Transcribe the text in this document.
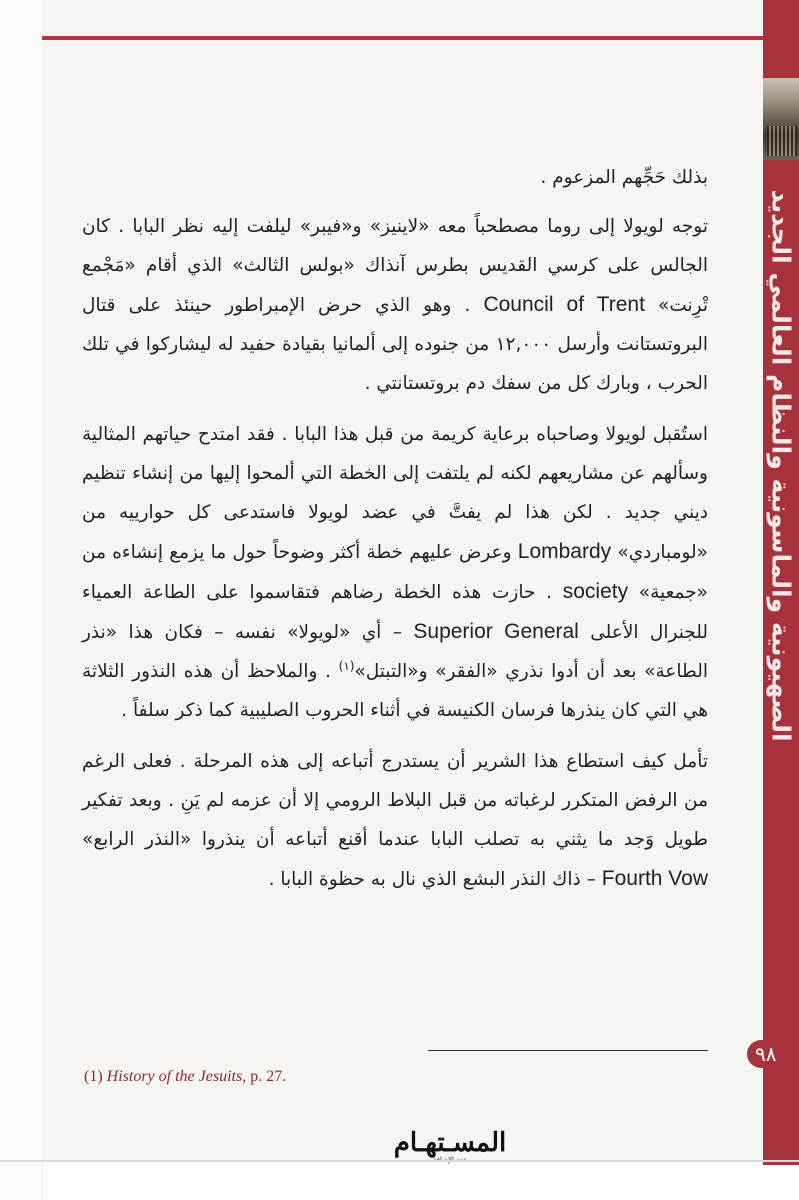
الصهيونية والماسونية والنظام العالمي الجديد
٩٨

بذلك حَجِّهم المزعوم .

توجه لويولا إلى روما مصطحباً معه «لاينيز» و«فيبر» ليلفت إليه نظر البابا . كان الجالس على كرسي القديس بطرس آنذاك «بولس الثالث» الذي أقام «مَجْمع تْرِنت» Council of Trent . وهو الذي حرض الإمبراطور حينئذ على قتال البروتستانت وأرسل ١٢,٠٠٠ من جنوده إلى ألمانيا بقيادة حفيد له ليشاركوا في تلك الحرب ، وبارك كل من سفك دم بروتستانتي .

استُقبل لويولا وصاحباه برعاية كريمة من قبل هذا البابا . فقد امتدح حياتهم المثالية وسألهم عن مشاريعهم لكنه لم يلتفت إلى الخطة التي ألمحوا إليها من إنشاء تنظيم ديني جديد . لكن هذا لم يفتَّ في عضد لويولا فاستدعى كل حوارييه من «لومباردي» Lombardy وعرض عليهم خطة أكثر وضوحاً حول ما يزمع إنشاءه من «جمعية» society . حازت هذه الخطة رضاهم فتقاسموا على الطاعة العمياء للجنرال الأعلى Superior General – أي «لويولا» نفسه – فكان هذا «نذر الطاعة» بعد أن أدوا نذري «الفقر» و«التبتل»$^{(١)}$ . والملاحظ أن هذه النذور الثلاثة هي التي كان ينذرها فرسان الكنيسة في أثناء الحروب الصليبية كما ذكر سلفاً .

تأمل كيف استطاع هذا الشرير أن يستدرج أتباعه إلى هذه المرحلة . فعلى الرغم من الرفض المتكرر لرغباته من قبل البلاط الرومي إلا أن عزمه لم يَنِ . وبعد تفكير طويل وَجد ما يثني به تصلب البابا عندما أقنع أتباعه أن ينذروا «النذر الرابع» Fourth Vow – ذاك النذر البشع الذي نال به حظوة البابا .

(1) History of the Jesuits, p. 27.
المسـتهـام
